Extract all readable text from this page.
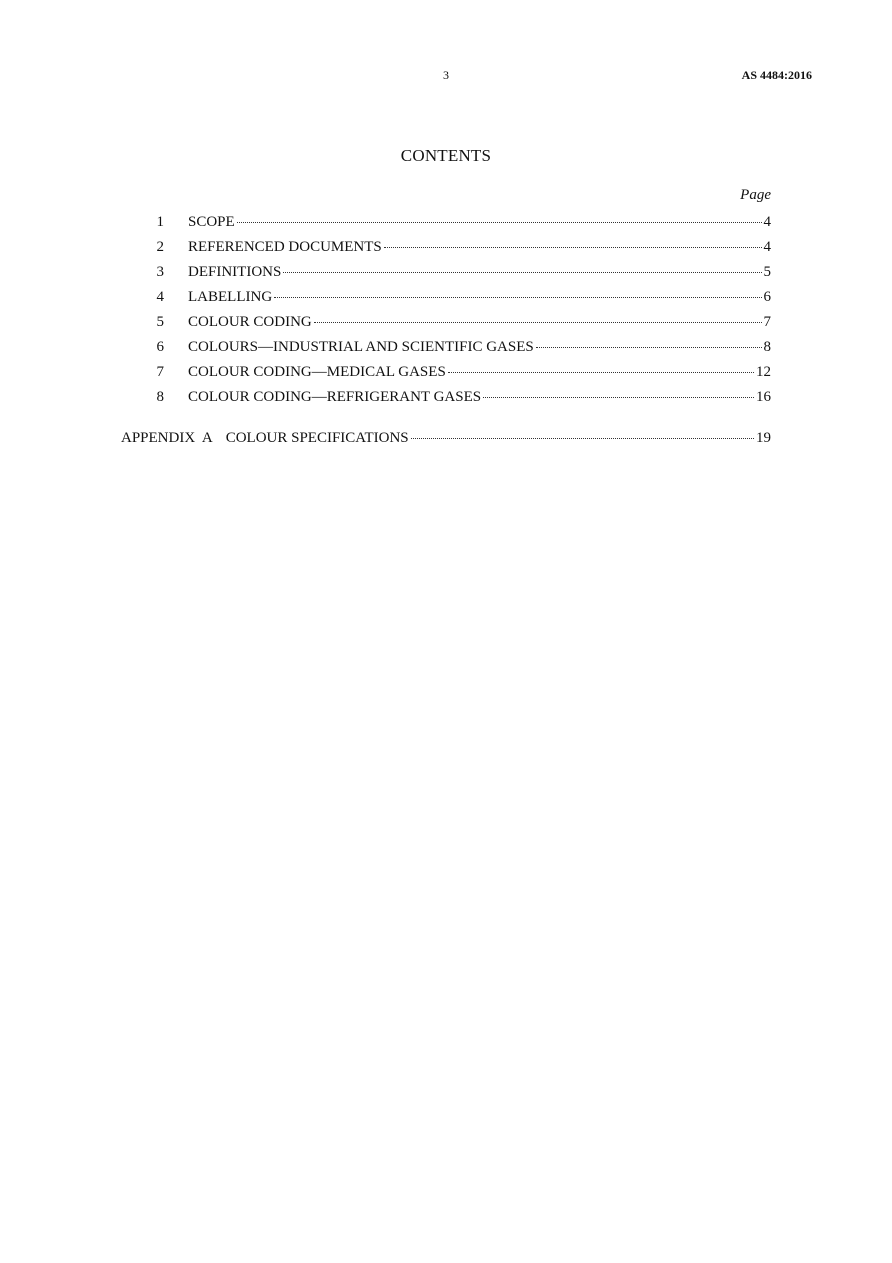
3	AS 4484:2016
CONTENTS
Page
1 SCOPE	4
2 REFERENCED DOCUMENTS	4
3 DEFINITIONS	5
4 LABELLING	6
5 COLOUR CODING	7
6 COLOURS—INDUSTRIAL AND SCIENTIFIC GASES	8
7 COLOUR CODING—MEDICAL GASES	12
8 COLOUR CODING—REFRIGERANT GASES	16
APPENDIX  A COLOUR SPECIFICATIONS	19
